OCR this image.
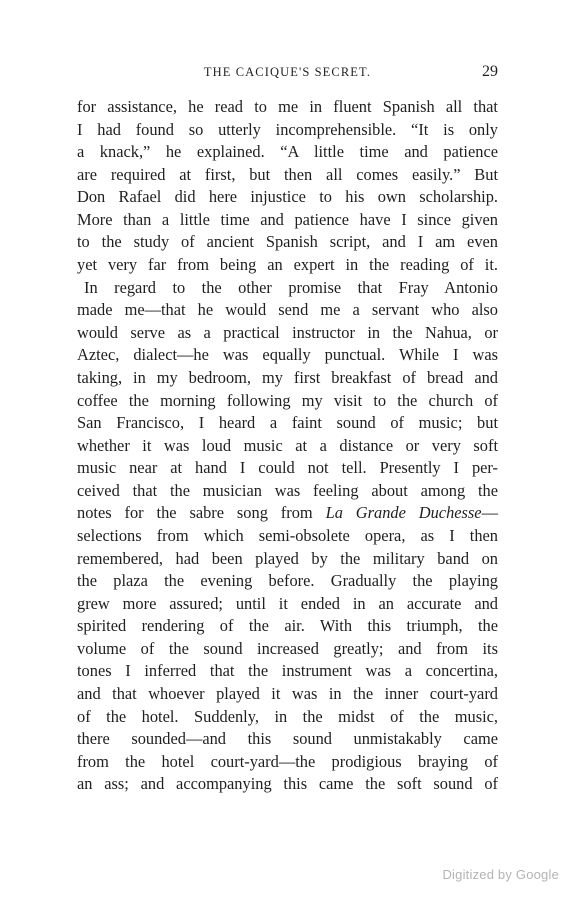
THE CACIQUE'S SECRET.	29
for assistance, he read to me in fluent Spanish all that
I had found so utterly incomprehensible. “It is only
a knack,” he explained. “A little time and patience
are required at first, but then all comes easily.” But
Don Rafael did here injustice to his own scholarship.
More than a little time and patience have I since given
to the study of ancient Spanish script, and I am even
yet very far from being an expert in the reading of it.
In regard to the other promise that Fray Antonio
made me—that he would send me a servant who also
would serve as a practical instructor in the Nahua, or
Aztec, dialect—he was equally punctual. While I was
taking, in my bedroom, my first breakfast of bread and
coffee the morning following my visit to the church of
San Francisco, I heard a faint sound of music; but
whether it was loud music at a distance or very soft
music near at hand I could not tell. Presently I per-
ceived that the musician was feeling about among the
notes for the sabre song from La Grande Duchesse—
selections from which semi-obsolete opera, as I then
remembered, had been played by the military band on
the plaza the evening before. Gradually the playing
grew more assured; until it ended in an accurate and
spirited rendering of the air. With this triumph, the
volume of the sound increased greatly; and from its
tones I inferred that the instrument was a concertina,
and that whoever played it was in the inner court-yard
of the hotel. Suddenly, in the midst of the music,
there sounded—and this sound unmistakably came
from the hotel court-yard—the prodigious braying of
an ass; and accompanying this came the soft sound of
Digitized by Google
